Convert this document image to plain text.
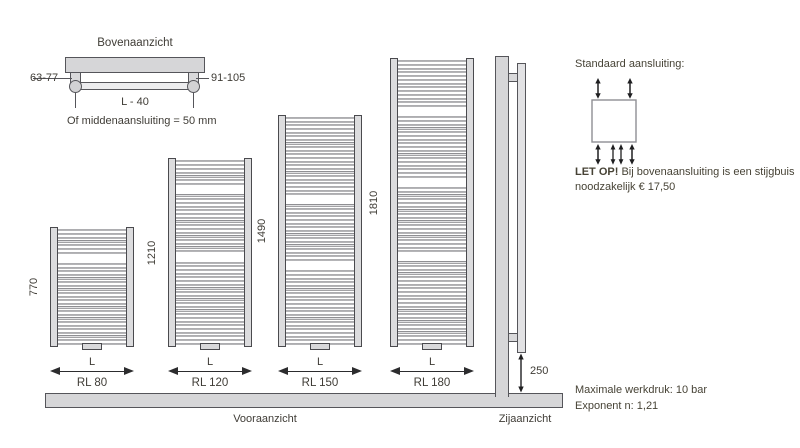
Bovenaanzicht
63-77	91-105
L - 40
Of middenaansluiting = 50 mm
Vooraanzicht
770
L
RL 80
1210
L
RL 120
1490
L
RL 150
1810
L
RL 180
250
Zijaanzicht
Standaard aansluiting:
LET OP! Bij bovenaansluiting is een stijgbuis
noodzakelijk € 17,50
Maximale werkdruk: 10 bar
Exponent n: 1,21
